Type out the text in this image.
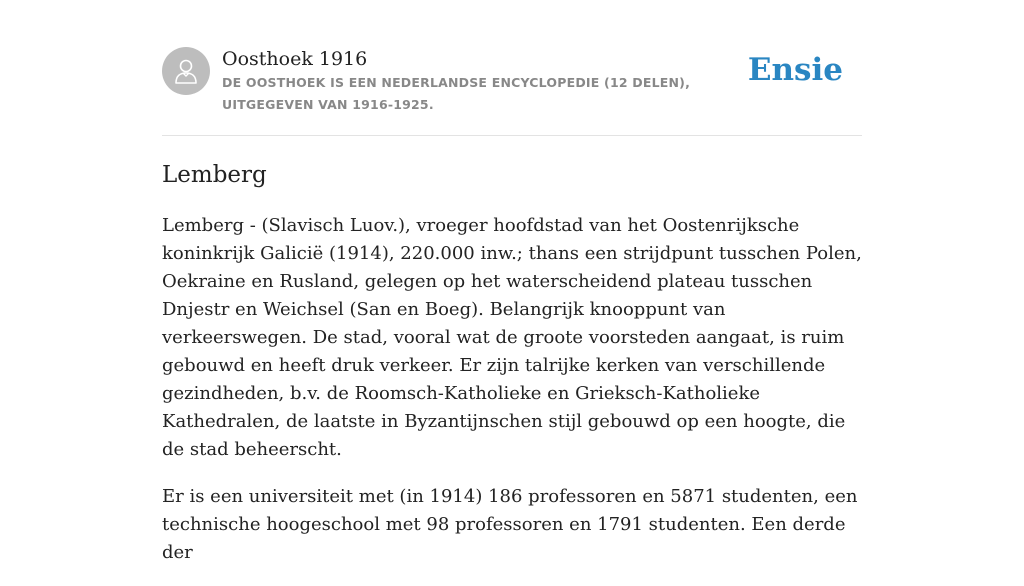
Oosthoek 1916
DE OOSTHOEK IS EEN NEDERLANDSE ENCYCLOPEDIE (12 DELEN), UITGEGEVEN VAN 1916-1925.
Ensie
Lemberg

Lemberg - (Slavisch Luov.), vroeger hoofdstad van het Oostenrijksche koninkrijk Galicië (1914), 220.000 inw.; thans een strijdpunt tusschen Polen, Oekraine en Rusland, gelegen op het waterscheidend plateau tusschen Dnjestr en Weichsel (San en Boeg). Belangrijk knooppunt van verkeerswegen. De stad, vooral wat de groote voorsteden aangaat, is ruim gebouwd en heeft druk verkeer. Er zijn talrijke kerken van verschillende gezindheden, b.v. de Roomsch-Katholieke en Grieksch-Katholieke Kathedralen, de laatste in Byzantijnschen stijl gebouwd op een hoogte, die de stad beheerscht.

Er is een universiteit met (in 1914) 186 professoren en 5871 studenten, een technische hoogeschool met 98 professoren en 1791 studenten. Een derde der
